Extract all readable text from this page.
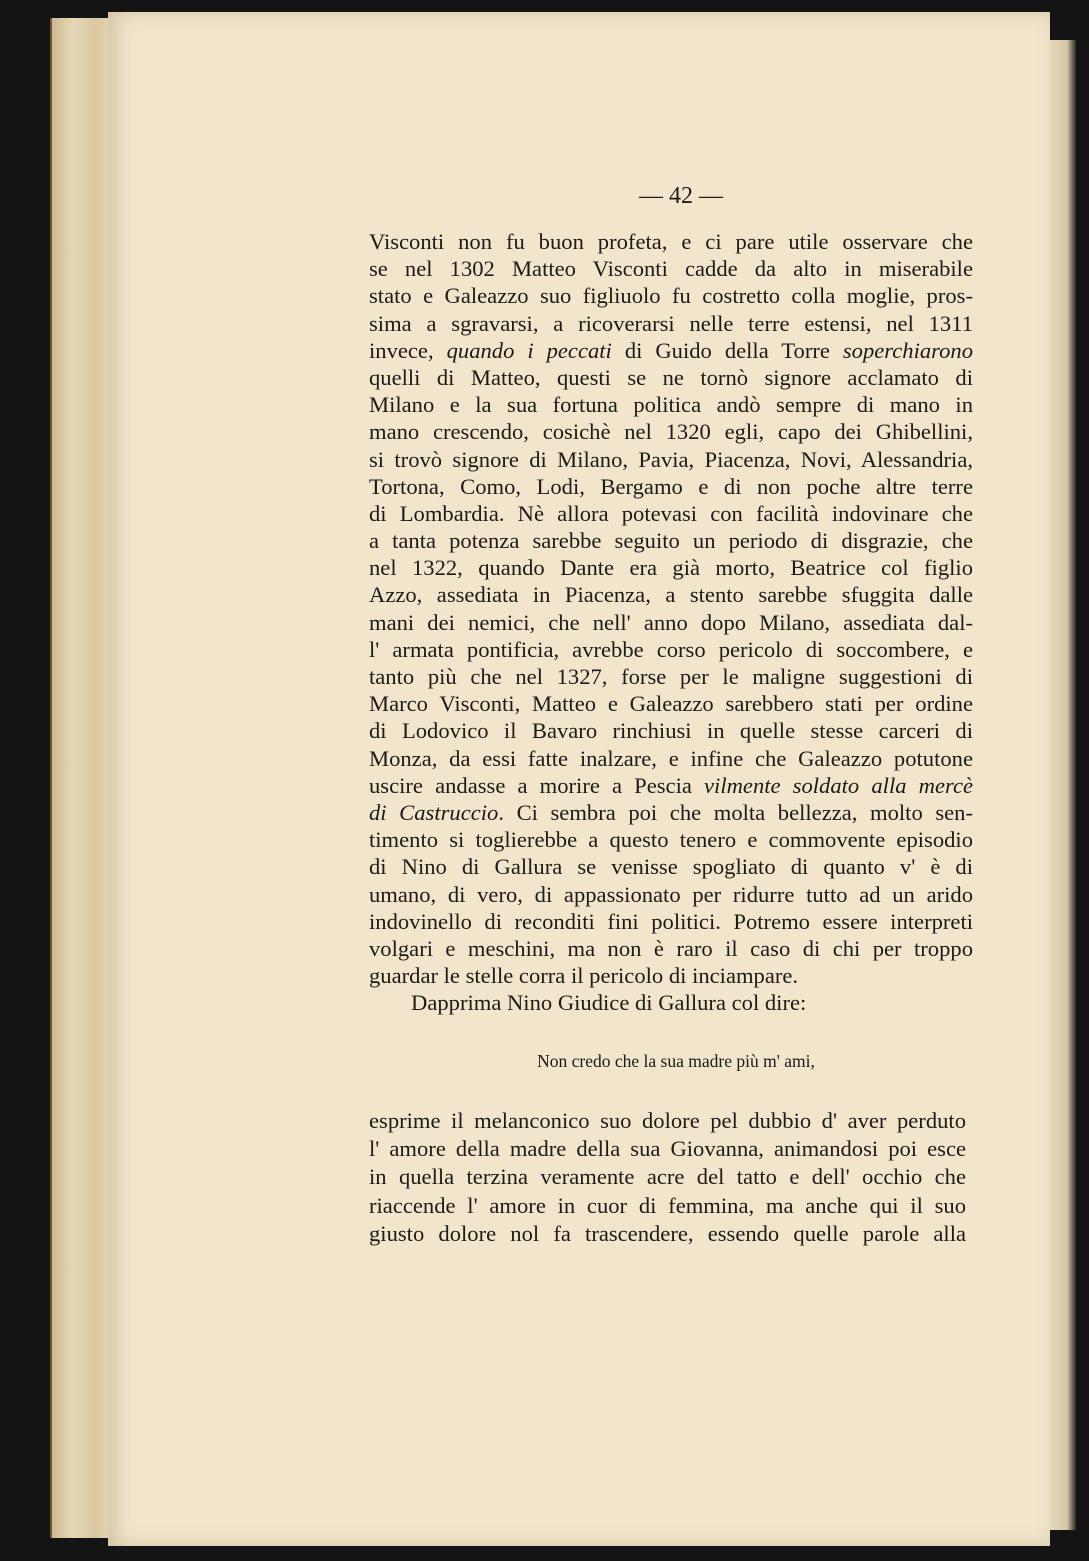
— 42 —
Visconti non fu buon profeta, e ci pare utile osservare che
se nel 1302 Matteo Visconti cadde da alto in miserabile
stato e Galeazzo suo figliuolo fu costretto colla moglie, pros-
sima a sgravarsi, a ricoverarsi nelle terre estensi, nel 1311
invece, quando i peccati di Guido della Torre soperchiarono
quelli di Matteo, questi se ne tornò signore acclamato di
Milano e la sua fortuna politica andò sempre di mano in
mano crescendo, cosichè nel 1320 egli, capo dei Ghibellini,
si trovò signore di Milano, Pavia, Piacenza, Novi, Alessandria,
Tortona, Como, Lodi, Bergamo e di non poche altre terre
di Lombardia. Nè allora potevasi con facilità indovinare che
a tanta potenza sarebbe seguito un periodo di disgrazie, che
nel 1322, quando Dante era già morto, Beatrice col figlio
Azzo, assediata in Piacenza, a stento sarebbe sfuggita dalle
mani dei nemici, che nell' anno dopo Milano, assediata dal-
l' armata pontificia, avrebbe corso pericolo di soccombere, e
tanto più che nel 1327, forse per le maligne suggestioni di
Marco Visconti, Matteo e Galeazzo sarebbero stati per ordine
di Lodovico il Bavaro rinchiusi in quelle stesse carceri di
Monza, da essi fatte inalzare, e infine che Galeazzo potutone
uscire andasse a morire a Pescia vilmente soldato alla mercè
di Castruccio. Ci sembra poi che molta bellezza, molto sen-
timento si toglierebbe a questo tenero e commovente episodio
di Nino di Gallura se venisse spogliato di quanto v' è di
umano, di vero, di appassionato per ridurre tutto ad un arido
indovinello di reconditi fini politici. Potremo essere interpreti
volgari e meschini, ma non è raro il caso di chi per troppo
guardar le stelle corra il pericolo di inciampare.
Dapprima Nino Giudice di Gallura col dire:
Non credo che la sua madre più m' ami,
esprime il melanconico suo dolore pel dubbio d' aver perduto
l' amore della madre della sua Giovanna, animandosi poi esce
in quella terzina veramente acre del tatto e dell' occhio che
riaccende l' amore in cuor di femmina, ma anche qui il suo
giusto dolore nol fa trascendere, essendo quelle parole alla
